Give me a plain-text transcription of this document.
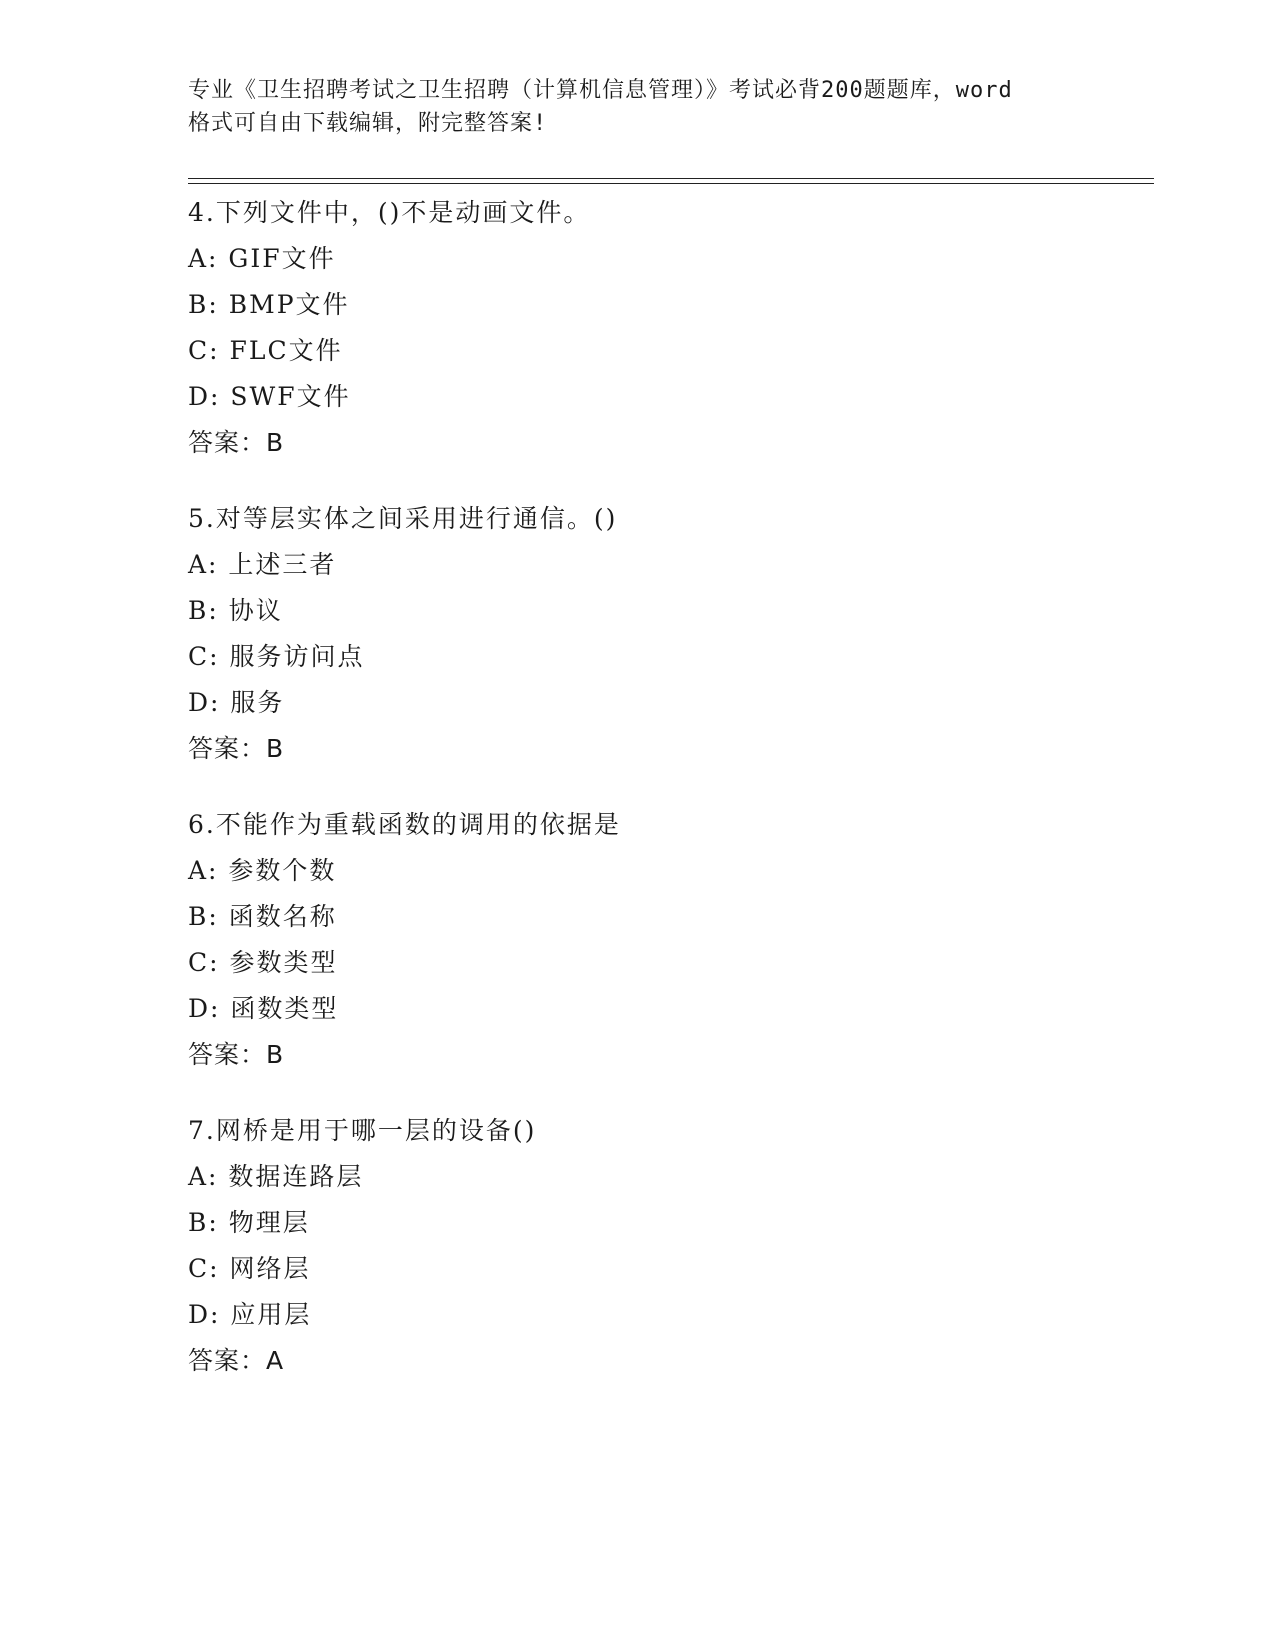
专业《卫生招聘考试之卫生招聘（计算机信息管理）》考试必背200题题库，word
格式可自由下载编辑，附完整答案!
4.下列文件中，()不是动画文件。
A: GIF文件
B: BMP文件
C: FLC文件
D: SWF文件
答案：B
5.对等层实体之间采用进行通信。()
A: 上述三者
B: 协议
C: 服务访问点
D: 服务
答案：B
6.不能作为重载函数的调用的依据是
A: 参数个数
B: 函数名称
C: 参数类型
D: 函数类型
答案：B
7.网桥是用于哪一层的设备()
A: 数据连路层
B: 物理层
C: 网络层
D: 应用层
答案：A
